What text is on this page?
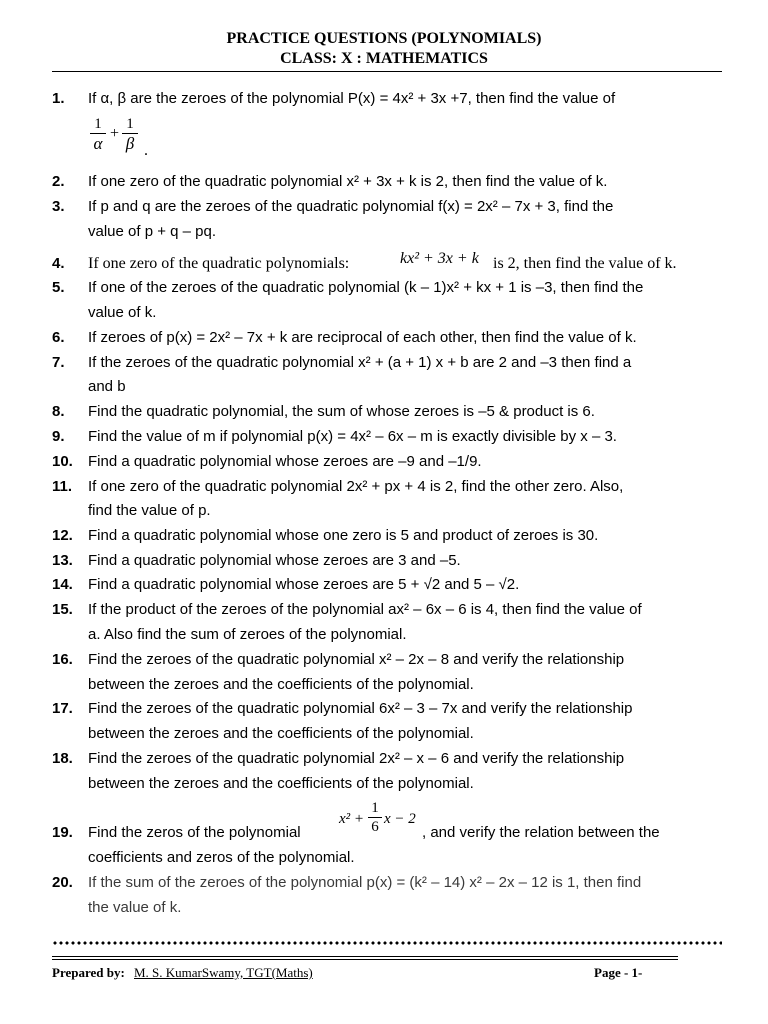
PRACTICE QUESTIONS (POLYNOMIALS)
CLASS: X : MATHEMATICS
1. If α, β are the zeroes of the polynomial P(x) = 4x² + 3x +7, then find the value of
$\frac{1}{\alpha} + \frac{1}{\beta}$ .
2. If one zero of the quadratic polynomial x² + 3x + k is 2, then find the value of k.
3. If p and q are the zeroes of the quadratic polynomial f(x) = 2x² – 7x + 3, find the
value of p + q – pq.
4. If one zero of the quadratic polynomials:	kx² + 3x + k is 2, then find the value of k.
5. If one of the zeroes of the quadratic polynomial (k – 1)x² + kx + 1 is –3, then find the
value of k.
6. If zeroes of p(x) = 2x² – 7x + k are reciprocal of each other, then find the value of k.
7. If the zeroes of the quadratic polynomial x² + (a + 1) x + b are 2 and –3 then find a
and b
8. Find the quadratic polynomial, the sum of whose zeroes is –5 & product is 6.
9. Find the value of m if polynomial p(x) = 4x² – 6x – m is exactly divisible by x – 3.
10. Find a quadratic polynomial whose zeroes are –9 and –1/9.
11. If one zero of the quadratic polynomial 2x² + px + 4 is 2, find the other zero. Also,
find the value of p.
12. Find a quadratic polynomial whose one zero is 5 and product of zeroes is 30.
13. Find a quadratic polynomial whose zeroes are 3 and –5.
14. Find a quadratic polynomial whose zeroes are 5 + √2 and 5 – √2.
15. If the product of the zeroes of the polynomial ax² – 6x – 6 is 4, then find the value of
a. Also find the sum of zeroes of the polynomial.
16. Find the zeroes of the quadratic polynomial x² – 2x – 8 and verify the relationship
between the zeroes and the coefficients of the polynomial.
17. Find the zeroes of the quadratic polynomial 6x² – 3 – 7x and verify the relationship
between the zeroes and the coefficients of the polynomial.
18. Find the zeroes of the quadratic polynomial 2x² – x – 6 and verify the relationship
between the zeroes and the coefficients of the polynomial.
$x^2 + \frac{1}{6}$ x − 2
19. Find the zeros of the polynomial	, and verify the relation between the
coefficients and zeros of the polynomial.
20. If the sum of the zeroes of the polynomial p(x) = (k² – 14) x² – 2x – 12 is 1, then find
the value of k.
Prepared by: M. S. KumarSwamy, TGT(Maths)	Page - 1-
